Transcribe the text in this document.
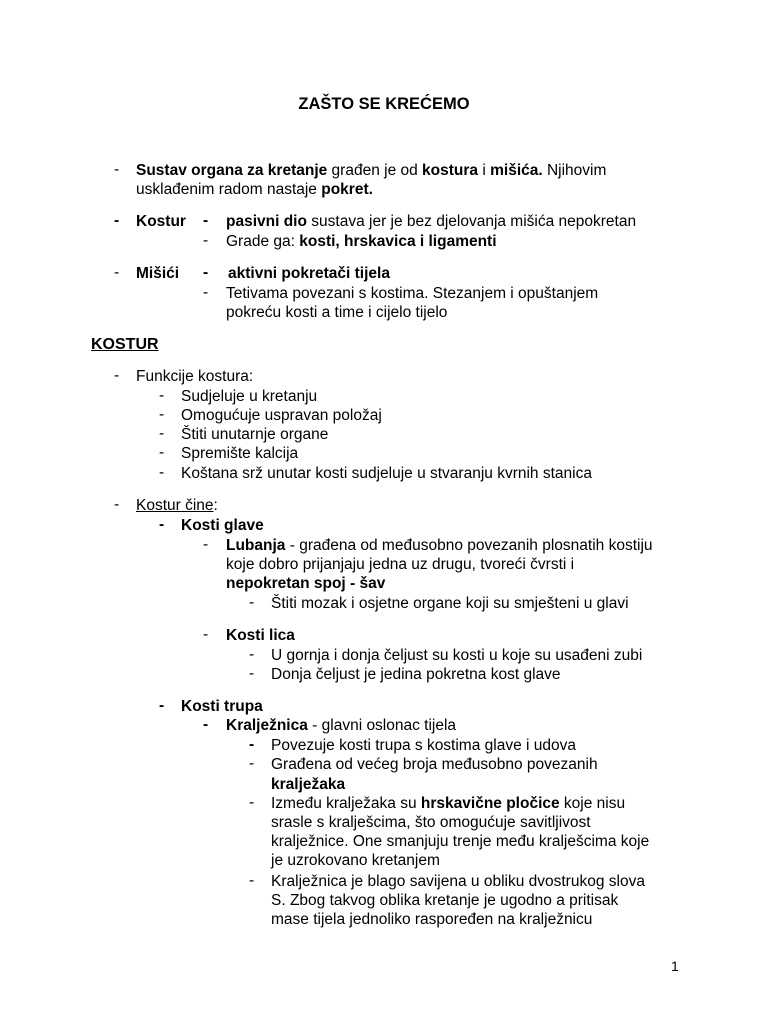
ZAŠTO SE KREĆEMO
- Sustav organa za kretanje građen je od kostura i mišića. Njihovim
usklađenim radom nastaje pokret.
- Kostur - pasivni dio sustava jer je bez djelovanja mišića nepokretan
- Grade ga: kosti, hrskavica i ligamenti
- Mišići - aktivni pokretači tijela
- Tetivama povezani s kostima. Stezanjem i opuštanjem
pokreću kosti a time i cijelo tijelo
KOSTUR
- Funkcije kostura:
- Sudjeluje u kretanju
- Omogućuje uspravan položaj
- Štiti unutarnje organe
- Spremište kalcija
- Koštana srž unutar kosti sudjeluje u stvaranju kvrnih stanica
- Kostur čine:
- Kosti glave
- Lubanja - građena od međusobno povezanih plosnatih kostiju
koje dobro prijanjaju jedna uz drugu, tvoreći čvrsti i
nepokretan spoj - šav
- Štiti mozak i osjetne organe koji su smješteni u glavi
- Kosti lica
- U gornja i donja čeljust su kosti u koje su usađeni zubi
- Donja čeljust je jedina pokretna kost glave
- Kosti trupa
- Kralježnica - glavni oslonac tijela
- Povezuje kosti trupa s kostima glave i udova
- Građena od većeg broja međusobno povezanih
kralježaka
- Između kralježaka su hrskavične pločice koje nisu
srasle s kralješcima, što omogućuje savitljivost
kralježnice. One smanjuju trenje među kralješcima koje
je uzrokovano kretanjem
- Kralježnica je blago savijena u obliku dvostrukog slova
S. Zbog takvog oblika kretanje je ugodno a pritisak
mase tijela jednoliko raspoređen na kralježnicu
1
